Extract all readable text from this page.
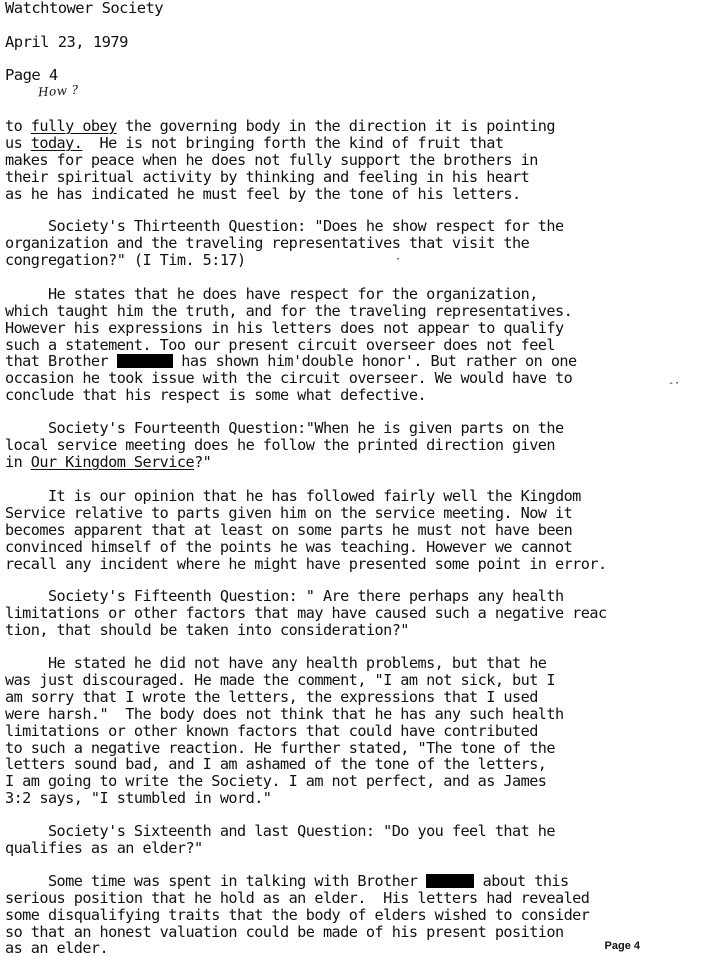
Watchtower Society
April 23, 1979
Page 4
How ?
to fully obey the governing body in the direction it is pointing
us today.  He is not bringing forth the kind of fruit that
makes for peace when he does not fully support the brothers in
their spiritual activity by thinking and feeling in his heart
as he has indicated he must feel by the tone of his letters.
Society's Thirteenth Question: "Does he show respect for the
organization and the traveling representatives that visit the
congregation?" (I Tim. 5:17)	·
He states that he does have respect for the organization,
which taught him the truth, and for the traveling representatives.
However his expressions in his letters does not appear to qualify
such a statement. Too our present circuit overseer does not feel
that Brother	has shown him'double honor'. But rather on one
occasion he took issue with the circuit overseer. We would have to
conclude that his respect is some what defective.
-·
Society's Fourteenth Question:"When he is given parts on the
local service meeting does he follow the printed direction given
in Our Kingdom Service?"
It is our opinion that he has followed fairly well the Kingdom
Service relative to parts given him on the service meeting. Now it
becomes apparent that at least on some parts he must not have been
convinced himself of the points he was teaching. However we cannot
recall any incident where he might have presented some point in error.
Society's Fifteenth Question: " Are there perhaps any health
limitations or other factors that may have caused such a negative reac
tion, that should be taken into consideration?"
He stated he did not have any health problems, but that he
was just discouraged. He made the comment, "I am not sick, but I
am sorry that I wrote the letters, the expressions that I used
were harsh."  The body does not think that he has any such health
limitations or other known factors that could have contributed
to such a negative reaction. He further stated, "The tone of the
letters sound bad, and I am ashamed of the tone of the letters,
I am going to write the Society. I am not perfect, and as James
3:2 says, "I stumbled in word."
Society's Sixteenth and last Question: "Do you feel that he
qualifies as an elder?"
Some time was spent in talking with Brother	about this
serious position that he hold as an elder.  His letters had revealed
some disqualifying traits that the body of elders wished to consider
so that an honest valuation could be made of his present position
as an elder.	Page 4
